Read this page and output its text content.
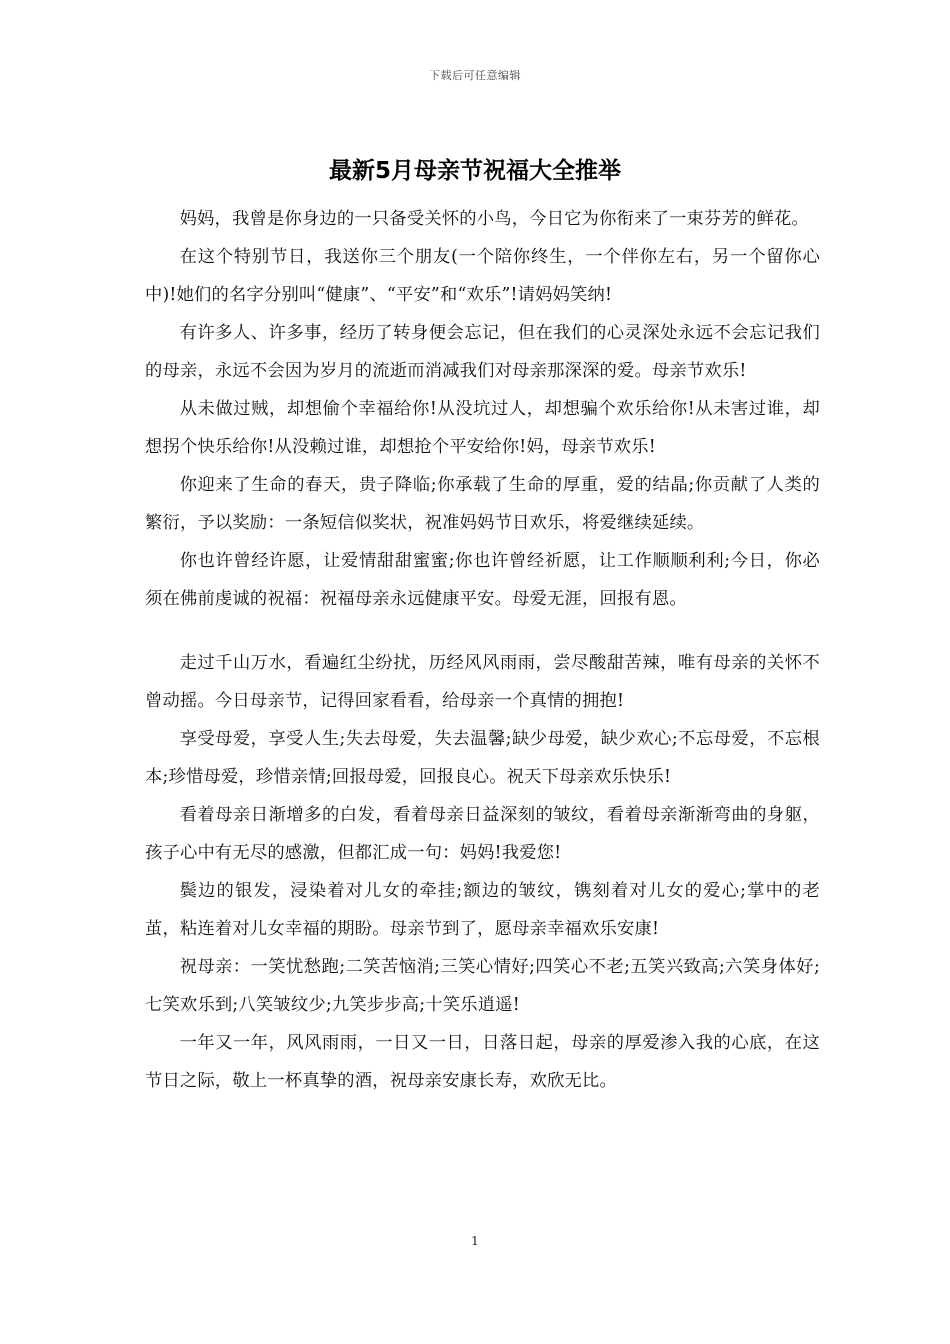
下载后可任意编辑
最新5月母亲节祝福大全推举

妈妈，我曾是你身边的一只备受关怀的小鸟，今日它为你衔来了一束芬芳的鲜花。

在这个特别节日，我送你三个朋友(一个陪你终生，一个伴你左右，另一个留你心中)!她们的名字分别叫“健康”、“平安”和“欢乐”!请妈妈笑纳!

有许多人、许多事，经历了转身便会忘记，但在我们的心灵深处永远不会忘记我们的母亲，永远不会因为岁月的流逝而消减我们对母亲那深深的爱。母亲节欢乐!

从未做过贼，却想偷个幸福给你!从没坑过人，却想骗个欢乐给你!从未害过谁，却想拐个快乐给你!从没赖过谁，却想抢个平安给你!妈，母亲节欢乐!

你迎来了生命的春天，贵子降临;你承载了生命的厚重，爱的结晶;你贡献了人类的繁衍，予以奖励：一条短信似奖状，祝准妈妈节日欢乐，将爱继续延续。

你也许曾经许愿，让爱情甜甜蜜蜜;你也许曾经祈愿，让工作顺顺利利;今日，你必须在佛前虔诚的祝福：祝福母亲永远健康平安。母爱无涯，回报有恩。

走过千山万水，看遍红尘纷扰，历经风风雨雨，尝尽酸甜苦辣，唯有母亲的关怀不曾动摇。今日母亲节，记得回家看看，给母亲一个真情的拥抱!

享受母爱，享受人生;失去母爱，失去温馨;缺少母爱，缺少欢心;不忘母爱，不忘根本;珍惜母爱，珍惜亲情;回报母爱，回报良心。祝天下母亲欢乐快乐!

看着母亲日渐增多的白发，看着母亲日益深刻的皱纹，看着母亲渐渐弯曲的身躯，孩子心中有无尽的感激，但都汇成一句：妈妈!我爱您!

鬓边的银发，浸染着对儿女的牵挂;额边的皱纹，镌刻着对儿女的爱心;掌中的老茧，粘连着对儿女幸福的期盼。母亲节到了，愿母亲幸福欢乐安康!

祝母亲：一笑忧愁跑;二笑苦恼消;三笑心情好;四笑心不老;五笑兴致高;六笑身体好;七笑欢乐到;八笑皱纹少;九笑步步高;十笑乐逍遥!

一年又一年，风风雨雨，一日又一日，日落日起，母亲的厚爱渗入我的心底，在这节日之际，敬上一杯真挚的酒，祝母亲安康长寿，欢欣无比。

1
